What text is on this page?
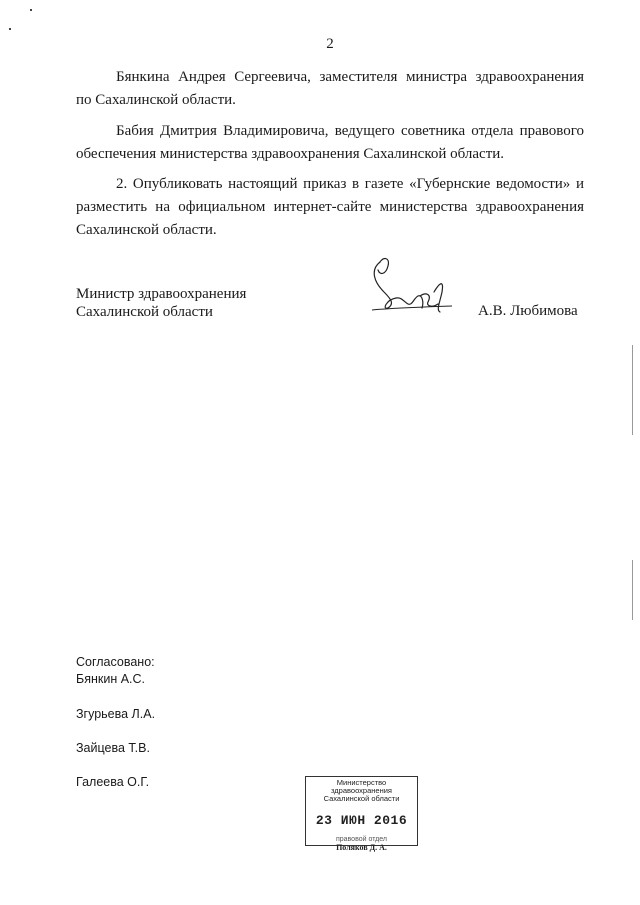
2

Бянкина Андрея Сергеевича, заместителя министра здравоохранения
по Сахалинской области.

Бабия Дмитрия Владимировича, ведущего советника отдела правового
обеспечения министерства здравоохранения Сахалинской области.

2. Опубликовать настоящий приказ в газете «Губернские ведомости» и
разместить на официальном интернет-сайте министерства здравоохранения
Сахалинской области.

Министр здравоохранения
Сахалинской области	А.В. Любимова
Согласовано:
Бянкин А.С.
Згурьева Л.А.
Зайцева Т.В.
Галеева О.Г.	Министерство здравоохранения
Сахалинской области
23 ИЮН 2016
правовой отдел
Поляков Д. А.
